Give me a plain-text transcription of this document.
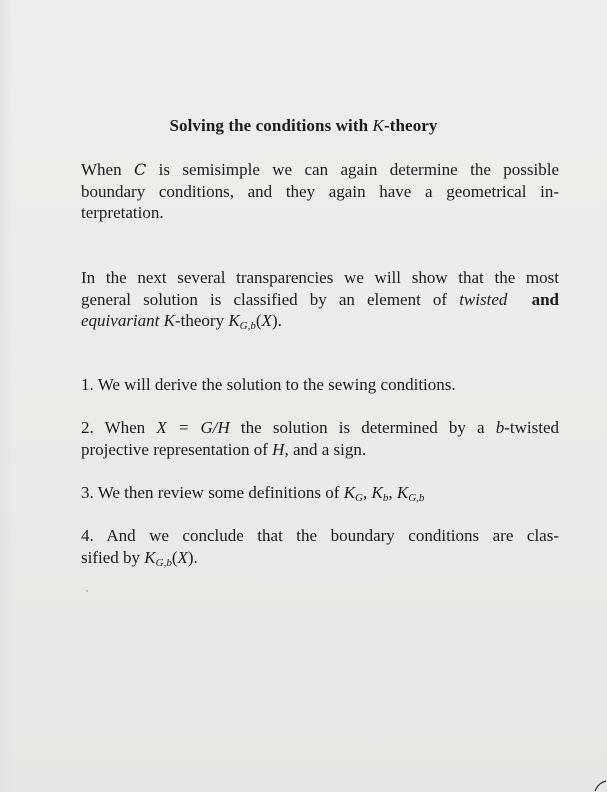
Solving the conditions with K-theory
When C is semisimple we can again determine the possible
boundary conditions, and they again have a geometrical in-
terpretation.
In the next several transparencies we will show that the most
general solution is classified by an element of twisted and
equivariant K-theory $K_{G,b}(X)$.
1. We will derive the solution to the sewing conditions.
2. When X = G/H the solution is determined by a b-twisted
projective representation of H, and a sign.
3. We then review some definitions of $K_G$, $K_b$, $K_{G,b}$
4. And we conclude that the boundary conditions are clas-
sified by $K_{G,b}(X)$.
